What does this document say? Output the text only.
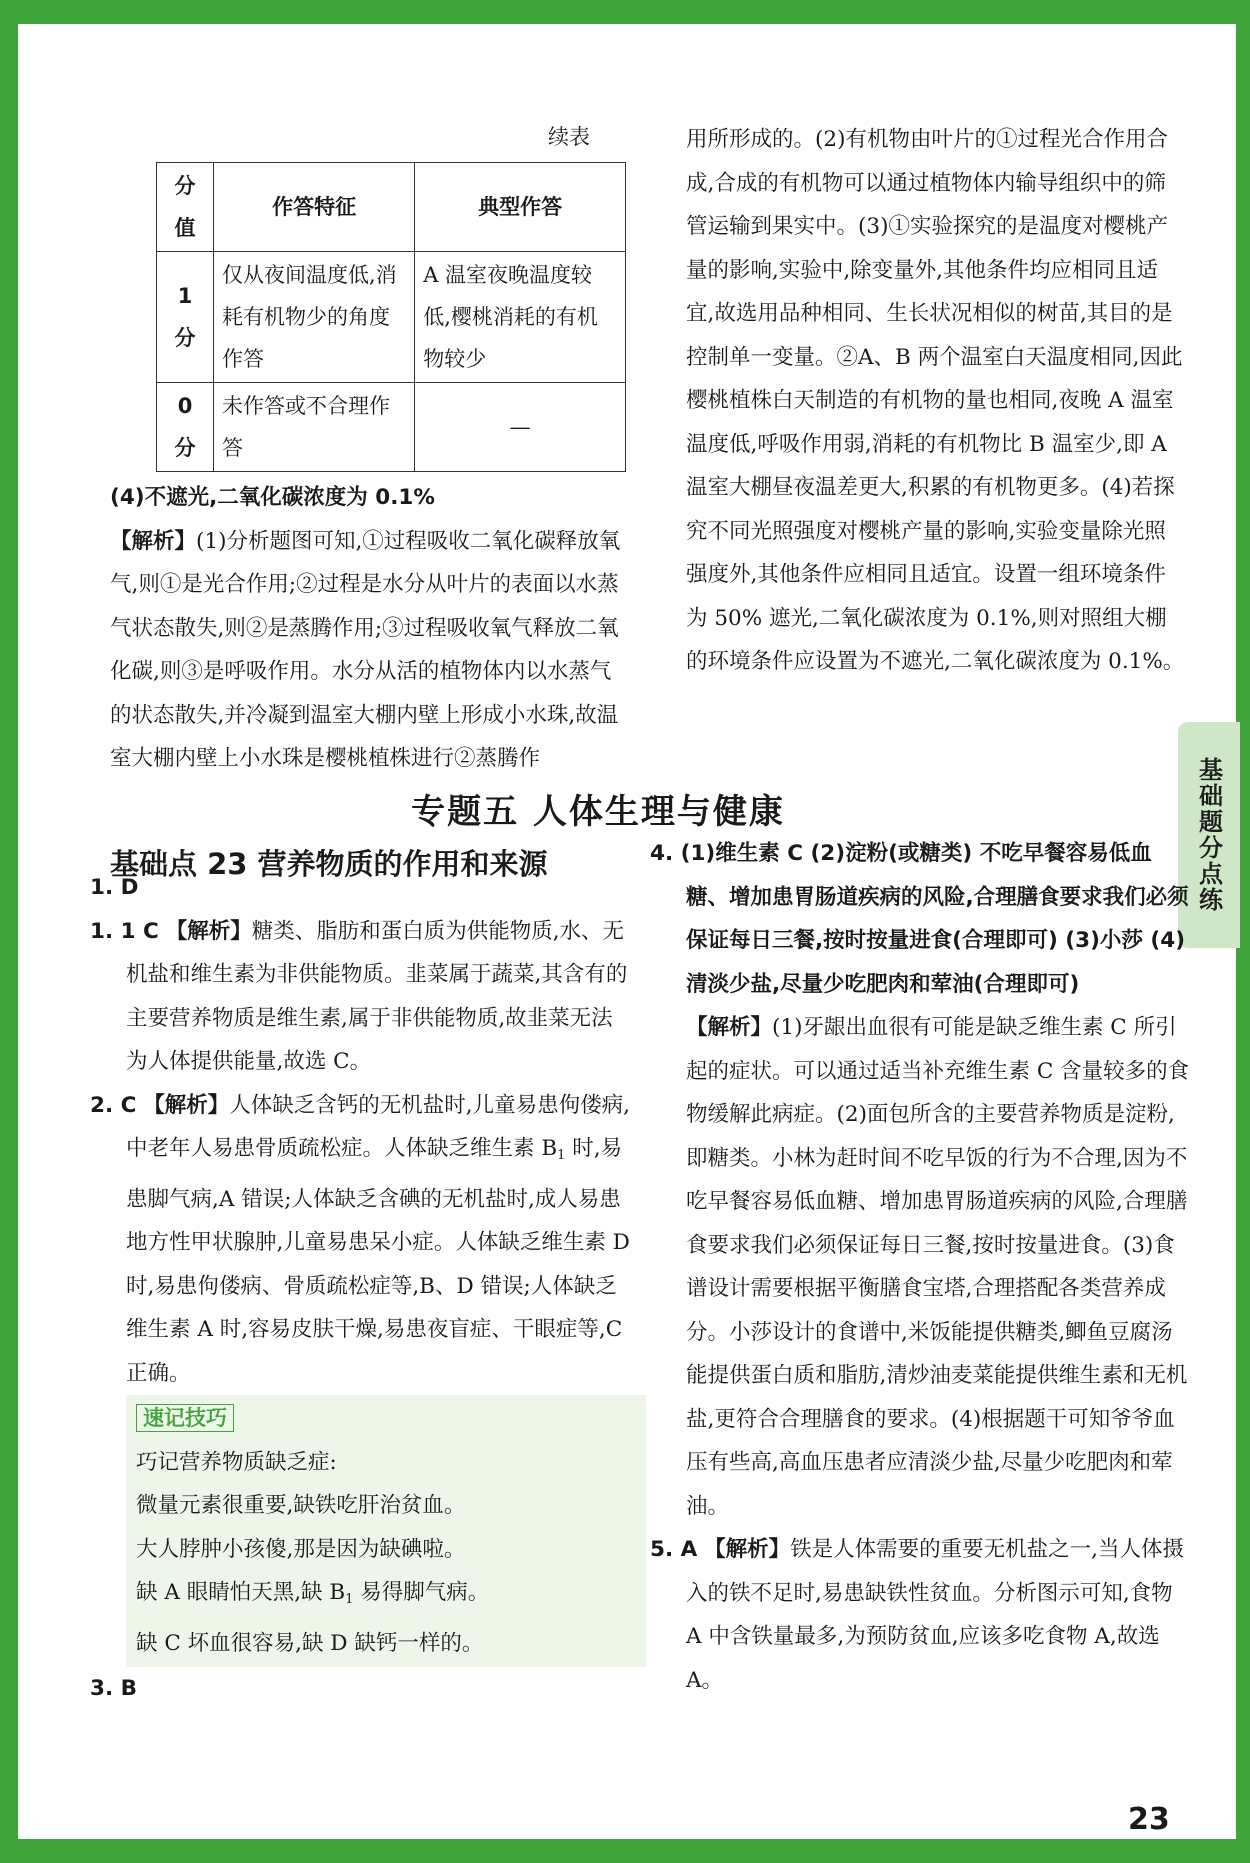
续表
分值	作答特征	典型作答
1 分	仅从夜间温度低,消耗有机物少的角度作答	A 温室夜晚温度较低,樱桃消耗的有机物较少
0 分	未作答或不合理作答	—

(4)不遮光,二氧化碳浓度为 0.1%

【解析】(1)分析题图可知,①过程吸收二氧化碳释放氧气,则①是光合作用;②过程是水分从叶片的表面以水蒸气状态散失,则②是蒸腾作用;③过程吸收氧气释放二氧化碳,则③是呼吸作用。水分从活的植物体内以水蒸气的状态散失,并冷凝到温室大棚内壁上形成小水珠,故温室大棚内壁上小水珠是樱桃植株进行②蒸腾作

用所形成的。(2)有机物由叶片的①过程光合作用合成,合成的有机物可以通过植物体内输导组织中的筛管运输到果实中。(3)①实验探究的是温度对樱桃产量的影响,实验中,除变量外,其他条件均应相同且适宜,故选用品种相同、生长状况相似的树苗,其目的是控制单一变量。②A、B 两个温室白天温度相同,因此樱桃植株白天制造的有机物的量也相同,夜晚 A 温室温度低,呼吸作用弱,消耗的有机物比 B 温室少,即 A 温室大棚昼夜温差更大,积累的有机物更多。(4)若探究不同光照强度对樱桃产量的影响,实验变量除光照强度外,其他条件应相同且适宜。设置一组环境条件为 50% 遮光,二氧化碳浓度为 0.1%,则对照组大棚的环境条件应设置为不遮光,二氧化碳浓度为 0.1%。

基础题分点练
专题五 人体生理与健康
基础点 23 营养物质的作用和来源

1. D

1. 1 C 【解析】糖类、脂肪和蛋白质为供能物质,水、无机盐和维生素为非供能物质。韭菜属于蔬菜,其含有的主要营养物质是维生素,属于非供能物质,故韭菜无法为人体提供能量,故选 C。

2. C 【解析】人体缺乏含钙的无机盐时,儿童易患佝偻病,中老年人易患骨质疏松症。人体缺乏维生素 $B_1$ 时,易患脚气病,A 错误;人体缺乏含碘的无机盐时,成人易患地方性甲状腺肿,儿童易患呆小症。人体缺乏维生素 D 时,易患佝偻病、骨质疏松症等,B、D 错误;人体缺乏维生素 A 时,容易皮肤干燥,易患夜盲症、干眼症等,C 正确。

速记技巧

巧记营养物质缺乏症:

微量元素很重要,缺铁吃肝治贫血。

大人脖肿小孩傻,那是因为缺碘啦。

缺 A 眼睛怕天黑,缺 $B_1$ 易得脚气病。

缺 C 坏血很容易,缺 D 缺钙一样的。

3. B

4. (1)维生素 C (2)淀粉(或糖类) 不吃早餐容易低血糖、增加患胃肠道疾病的风险,合理膳食要求我们必须保证每日三餐,按时按量进食(合理即可) (3)小莎 (4)清淡少盐,尽量少吃肥肉和荤油(合理即可)

【解析】(1)牙龈出血很有可能是缺乏维生素 C 所引起的症状。可以通过适当补充维生素 C 含量较多的食物缓解此病症。(2)面包所含的主要营养物质是淀粉,即糖类。小林为赶时间不吃早饭的行为不合理,因为不吃早餐容易低血糖、增加患胃肠道疾病的风险,合理膳食要求我们必须保证每日三餐,按时按量进食。(3)食谱设计需要根据平衡膳食宝塔,合理搭配各类营养成分。小莎设计的食谱中,米饭能提供糖类,鲫鱼豆腐汤能提供蛋白质和脂肪,清炒油麦菜能提供维生素和无机盐,更符合合理膳食的要求。(4)根据题干可知爷爷血压有些高,高血压患者应清淡少盐,尽量少吃肥肉和荤油。

5. A 【解析】铁是人体需要的重要无机盐之一,当人体摄入的铁不足时,易患缺铁性贫血。分析图示可知,食物 A 中含铁量最多,为预防贫血,应该多吃食物 A,故选 A。

23
